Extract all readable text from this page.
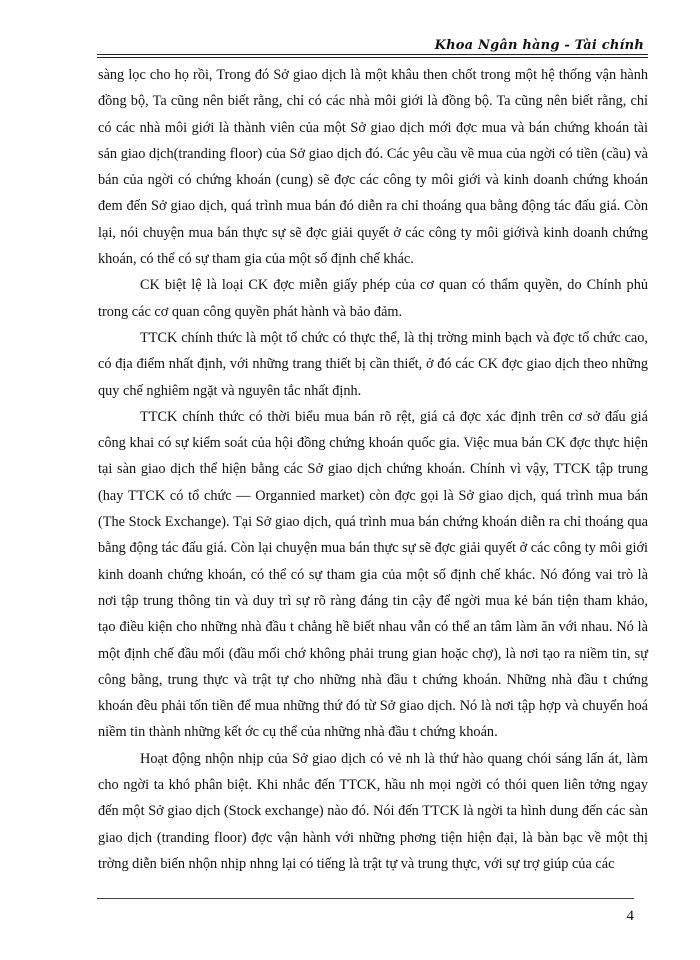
Khoa Ngân hàng - Tài chính

sàng lọc cho họ rồi, Trong đó Sở giao dịch là một khâu then chốt trong một hệ thống vận hành đồng bộ, Ta cũng nên biết rằng, chỉ có các nhà môi giới là đồng bộ. Ta cũng nên biết rằng, chỉ có các nhà môi giới là thành viên của một Sở giao dịch mới đợc mua và bán chứng khoán tài sản giao dịch(tranding floor) của Sở giao dịch đó. Các yêu cầu về mua của ngời có tiền (cầu) và bán của ngời có chứng khoán (cung) sẽ đợc các công ty môi giới và kinh doanh chứng khoán đem đến Sở giao dịch, quá trình mua bán đó diễn ra chỉ thoáng qua bằng động tác đấu giá. Còn lại, nói chuyện mua bán thực sự sẽ đợc giải quyết ở các công ty môi giớivà kinh doanh chứng khoán, có thể có sự tham gia của một số định chế khác.

CK biệt lệ là loại CK đợc miễn giấy phép của cơ quan có thẩm quyền, do Chính phủ trong các cơ quan công quyền phát hành và bảo đảm.

TTCK chính thức là một tổ chức có thực thể, là thị trờng minh bạch và đợc tổ chức cao, có địa điểm nhất định, với những trang thiết bị cần thiết, ở đó các CK đợc giao dịch theo những quy chế nghiêm ngặt và nguyên tắc nhất định.

TTCK chính thức có thời biểu mua bán rõ rệt, giá cả đợc xác định trên cơ sở đấu giá công khai có sự kiểm soát của hội đồng chứng khoán quốc gia. Việc mua bán CK đợc thực hiện tại sàn giao dịch thể hiện bằng các Sở giao dịch chứng khoán. Chính vì vậy, TTCK tập trung (hay TTCK có tổ chức — Organnied market) còn đợc gọi là Sở giao dịch, quá trình mua bán (The Stock Exchange). Tại Sở giao dịch, quá trình mua bán chứng khoán diễn ra chỉ thoáng qua bằng động tác đấu giá. Còn lại chuyện mua bán thực sự sẽ đợc giải quyết ở các công ty môi giới kinh doanh chứng khoán, có thể có sự tham gia của một số định chế khác. Nó đóng vai trò là nơi tập trung thông tin và duy trì sự rõ ràng đáng tin cậy để ngời mua kẻ bán tiện tham khảo, tạo điều kiện cho những nhà đầu t chẳng hề biết nhau vẫn có thể an tâm làm ăn với nhau. Nó là một định chế đầu mối (đầu mối chớ không phải trung gian hoặc chợ), là nơi tạo ra niềm tin, sự công bằng, trung thực và trật tự cho những nhà đầu t chứng khoán. Những nhà đầu t chứng khoán đều phải tốn tiền để mua những thứ đó từ Sở giao dịch. Nó là nơi tập hợp và chuyển hoá niềm tin thành những kết ớc cụ thể của những nhà đầu t chứng khoán.

Hoạt động nhộn nhịp của Sở giao dịch có vẻ nh là thứ hào quang chói sáng lấn át, làm cho ngời ta khó phân biệt. Khi nhắc đến TTCK, hầu nh mọi ngời có thói quen liên tởng ngay đến một Sở giao dịch (Stock exchange) nào đó. Nói đến TTCK là ngời ta hình dung đến các sàn giao dịch (tranding floor) đợc vận hành với những phơng tiện hiện đại, là bàn bạc về một thị trờng diễn biến nhộn nhịp nhng lại có tiếng là trật tự và trung thực, với sự trợ giúp của các

4
